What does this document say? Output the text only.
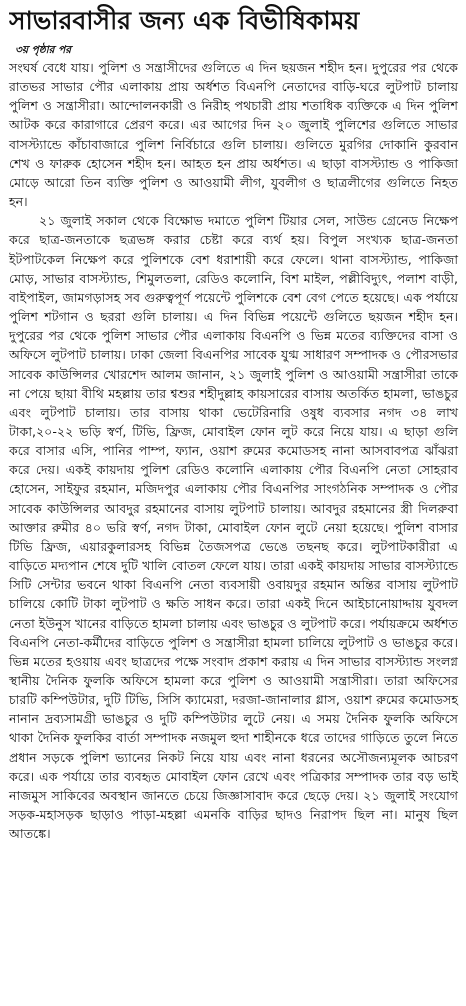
সাভারবাসীর জন্য এক বিভীষিকাময়
৩য় পৃষ্ঠার পর

সংঘর্ষ বেধে যায়। পুলিশ ও সন্ত্রাসীদের গুলিতে এ দিন ছয়জন শহীদ হন। দুপুরের পর থেকে রাতভর সাভার পৌর এলাকায় প্রায় অর্ধশত বিএনপি নেতাদের বাড়ি-ঘরে লুটপাট চালায় পুলিশ ও সন্ত্রাসীরা। আন্দোলনকারী ও নিরীহ পথচারী প্রায় শতাধিক ব্যক্তিকে এ দিন পুলিশ আটক করে কারাগারে প্রেরণ করে। এর আগের দিন ২০ জুলাই পুলিশের গুলিতে সাভার বাসস্ট্যান্ডে কাঁচাবাজারে পুলিশ নির্বিচারে গুলি চালায়। গুলিতে মুরগির দোকানি কুরবান শেখ ও ফারুক হোসেন শহীদ হন। আহত হন প্রায় অর্ধশত। এ ছাড়া বাসস্ট্যান্ড ও পাকিজা মোড়ে আরো তিন ব্যক্তি পুলিশ ও আওয়ামী লীগ, যুবলীগ ও ছাত্রলীগের গুলিতে নিহত হন।

২১ জুলাই সকাল থেকে বিক্ষোভ দমাতে পুলিশ টিয়ার সেল, সাউন্ড গ্রেনেড নিক্ষেপ করে ছাত্র-জনতাকে ছত্রভঙ্গ করার চেষ্টা করে ব্যর্থ হয়। বিপুল সংখ্যক ছাত্র-জনতা ইটপাটকেল নিক্ষেপ করে পুলিশকে বেশ ধরাশায়ী করে ফেলে। থানা বাসস্ট্যান্ড, পাকিজা মোড়, সাভার বাসস্ট্যান্ড, শিমুলতলা, রেডিও কলোনি, বিশ মাইল, পল্লীবিদ্যুৎ, পলাশ বাড়ী, বাইপাইল, জামগড়াসহ সব গুরুত্বপূর্ণ পয়েন্টে পুলিশকে বেশ বেগ পেতে হয়েছে। এক পর্যায়ে পুলিশ শটগান ও ছররা গুলি চালায়। এ দিন বিভিন্ন পয়েন্টে গুলিতে ছয়জন শহীদ হন। দুপুরের পর থেকে পুলিশ সাভার পৌর এলাকায় বিএনপি ও ভিন্ন মতের ব্যক্তিদের বাসা ও অফিসে লুটপাট চালায়। ঢাকা জেলা বিএনপির সাবেক যুগ্ম সাধারণ সম্পাদক ও পৌরসভার সাবেক কাউন্সিলর খোরশেদ আলম জানান, ২১ জুলাই পুলিশ ও আওয়ামী সন্ত্রাসীরা তাকে না পেয়ে ছায়া বীথি মহল্লায় তার শ্বশুর শহীদুল্লাহ কায়সারের বাসায় অতর্কিত হামলা, ভাঙচুর এবং লুটপাট চালায়। তার বাসায় থাকা ভেটেরিনারি ওষুধ ব্যবসার নগদ ৩৪ লাখ টাকা,২০-২২ ভড়ি স্বর্ণ, টিভি, ফ্রিজ, মোবাইল ফোন লুট করে নিয়ে যায়। এ ছাড়া গুলি করে বাসার এসি, পানির পাম্প, ফ্যান, ওয়াশ রুমের কমোডসহ নানা আসবাবপত্র ঝাঁঝরা করে দেয়। একই কায়দায় পুলিশ রেডিও কলোনি এলাকায় পৌর বিএনপি নেতা সোহরাব হোসেন, সাইফুর রহমান, মজিদপুর এলাকায় পৌর বিএনপির সাংগঠনিক সম্পাদক ও পৌর সাবেক কাউন্সিলর আবদুর রহমানের বাসায় লুটপাট চালায়। আবদুর রহমানের স্ত্রী দিলরুবা আক্তার রুমীর ৪০ ভরি স্বর্ণ, নগদ টাকা, মোবাইল ফোন লুটে নেয়া হয়েছে। পুলিশ বাসার টিভি ফ্রিজ, এয়ারকুলারসহ বিভিন্ন তৈজসপত্র ভেঙে তছনছ করে। লুটপাটকারীরা এ বাড়িতে মদ্যপান শেষে দুটি খালি বোতল ফেলে যায়। তারা একই কায়দায় সাভার বাসস্ট্যান্ডে সিটি সেন্টার ভবনে থাকা বিএনপি নেতা ব্যবসায়ী ওবায়দুর রহমান অন্তির বাসায় লুটপাট চালিয়ে কোটি টাকা লুটপাট ও ক্ষতি সাধন করে। তারা একই দিনে আইচানোয়াদ্দায় যুবদল নেতা ইউনুস খানের বাড়িতে হামলা চালায় এবং ভাঙচুর ও লুটপাট করে। পর্যায়ক্রমে অর্ধশত বিএনপি নেতা-কর্মীদের বাড়িতে পুলিশ ও সন্ত্রাসীরা হামলা চালিয়ে লুটপাট ও ভাঙচুর করে। ভিন্ন মতের হওয়ায় এবং ছাত্রদের পক্ষে সংবাদ প্রকাশ করায় এ দিন সাভার বাসস্ট্যান্ড সংলগ্ন স্থানীয় দৈনিক ফুলকি অফিসে হামলা করে পুলিশ ও আওয়ামী সন্ত্রাসীরা। তারা অফিসের চারটি কম্পিউটার, দুটি টিভি, সিসি ক্যামেরা, দরজা-জানালার গ্লাস, ওয়াশ রুমের কমোডসহ নানান দ্রব্যসামগ্রী ভাঙচুর ও দুটি কম্পিউটার লুটে নেয়। এ সময় দৈনিক ফুলকি অফিসে থাকা দৈনিক ফুলকির বার্তা সম্পাদক নজমুল হুদা শাহীনকে ধরে তাদের গাড়িতে তুলে নিতে প্রধান সড়কে পুলিশ ভ্যানের নিকট নিয়ে যায় এবং নানা ধরনের অসৌজন্যমূলক আচরণ করে। এক পর্যায়ে তার ব্যবহৃত মোবাইল ফোন রেখে এবং পত্রিকার সম্পাদক তার বড় ভাই নাজমুস সাকিবের অবস্থান জানতে চেয়ে জিজ্ঞাসাবাদ করে ছেড়ে দেয়। ২১ জুলাই সংযোগ সড়ক-মহাসড়ক ছাড়াও পাড়া-মহল্লা এমনকি বাড়ির ছাদও নিরাপদ ছিল না। মানুষ ছিল আতঙ্কে।
